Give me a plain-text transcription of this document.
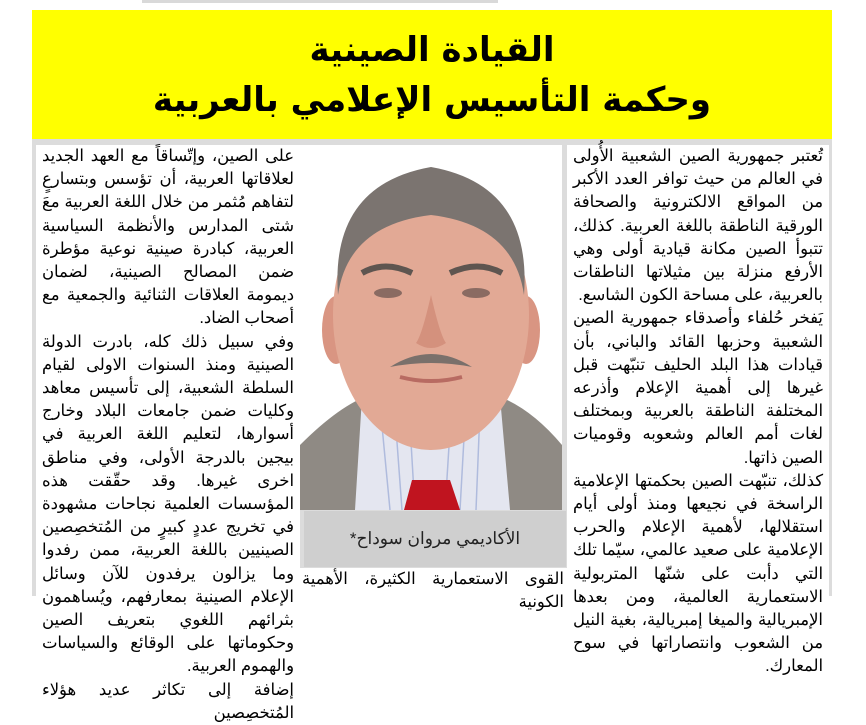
القيادة الصينية
وحكمة التأسيس الإعلامي بالعربية

تُعتبر جمهورية الصين الشعبية الأُولى في العالم من حيث توافر العدد الأكبر من المواقع الالكترونية والصحافة الورقية الناطقة باللغة العربية. كذلك، تتبوأ الصين مكانة قيادية أولى وهي الأرفع منزلة بين مثيلاتها الناطقات بالعربية، على مساحة الكون الشاسع.

يَفخر حُلفاء وأصدقاء جمهورية الصين الشعبية وحزبها القائد والباني، بأن قيادات هذا البلد الحليف تنبّهت قبل غيرها إلى أهمية الإعلام وأذرعه المختلفة الناطقة بالعربية وبمختلف لغات أمم العالم وشعوبه وقوميات الصين ذاتها.

كذلك، تنبّهت الصين بحكمتها الإعلامية الراسخة في نجيعها ومنذ أولى أيام استقلالها، لأهمية الإعلام والحرب الإعلامية على صعيد عالمي، سيّما تلك التي دأبت على شنّها المتربولية الاستعمارية العالمية، ومن بعدها الإمبريالية والميغا إمبريالية، بغية النيل من الشعوب وانتصاراتها في سوح المعارك.

الأكاديمي مروان سوداح*

القوى الاستعمارية الكثيرة، الأهمية الكونية

على الصين، وإتّساقاً مع العهد الجديد لعلاقاتها العربية، أن تؤسس وبتسارعٍ لتفاهم مُثمر من خلال اللغة العربية معَ شتى المدارس والأنظمة السياسية العربية، كبادرة صينية نوعية مؤطرة ضمن المصالح الصينية، لضمان ديمومة العلاقات الثنائية والجمعية مع أصحاب الضاد.

وفي سبيل ذلك كله، بادرت الدولة الصينية ومنذ السنوات الاولى لقيام السلطة الشعبية، إلى تأسيس معاهد وكليات ضمن جامعات البلاد وخارج أسوارها، لتعليم اللغة العربية في بيجين بالدرجة الأولى، وفي مناطق اخرى غيرها. وقد حقّقت هذه المؤسسات العلمية نجاحات مشهودة في تخريج عددٍ كبيرٍ من المُتخصِصين الصينيين باللغة العربية، ممن رفدوا وما يزالون يرفدون للآن وسائل الإعلام الصينية بمعارفهم، ويُساهمون بثرائهم اللغوي بتعريف الصين وحكوماتها على الوقائع والسياسات والهموم العربية.

إضافة إلى تكاثر عديد هؤلاء المُتخصِصين
